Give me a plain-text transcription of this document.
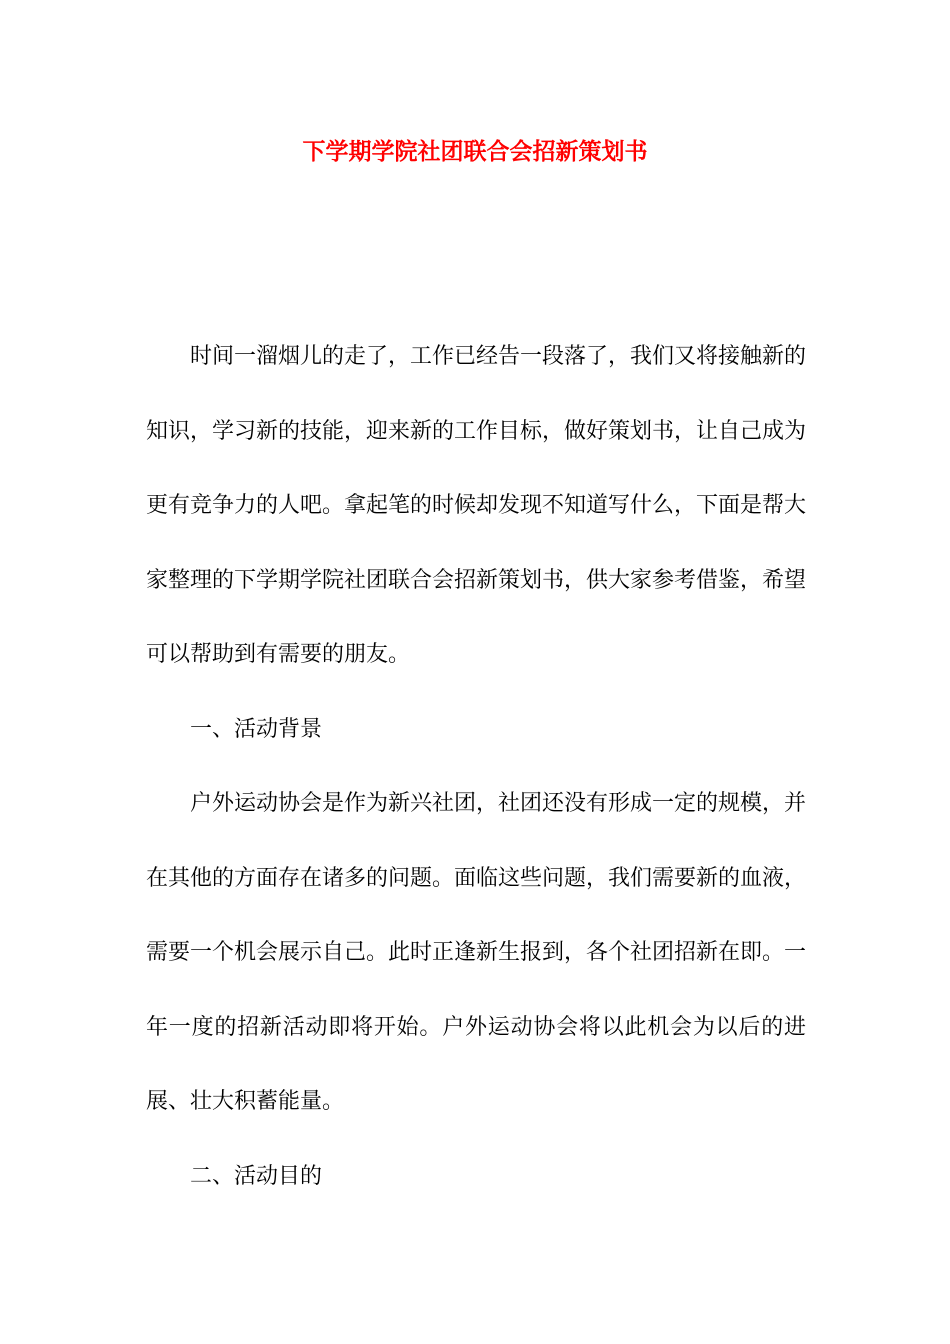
下学期学院社团联合会招新策划书

时间一溜烟儿的走了，工作已经告一段落了，我们又将接触新的知识，学习新的技能，迎来新的工作目标，做好策划书，让自己成为更有竞争力的人吧。拿起笔的时候却发现不知道写什么，下面是帮大家整理的下学期学院社团联合会招新策划书，供大家参考借鉴，希望可以帮助到有需要的朋友。

一、活动背景

户外运动协会是作为新兴社团，社团还没有形成一定的规模，并在其他的方面存在诸多的问题。面临这些问题，我们需要新的血液，需要一个机会展示自己。此时正逢新生报到，各个社团招新在即。一年一度的招新活动即将开始。户外运动协会将以此机会为以后的进展、壮大积蓄能量。

二、活动目的
